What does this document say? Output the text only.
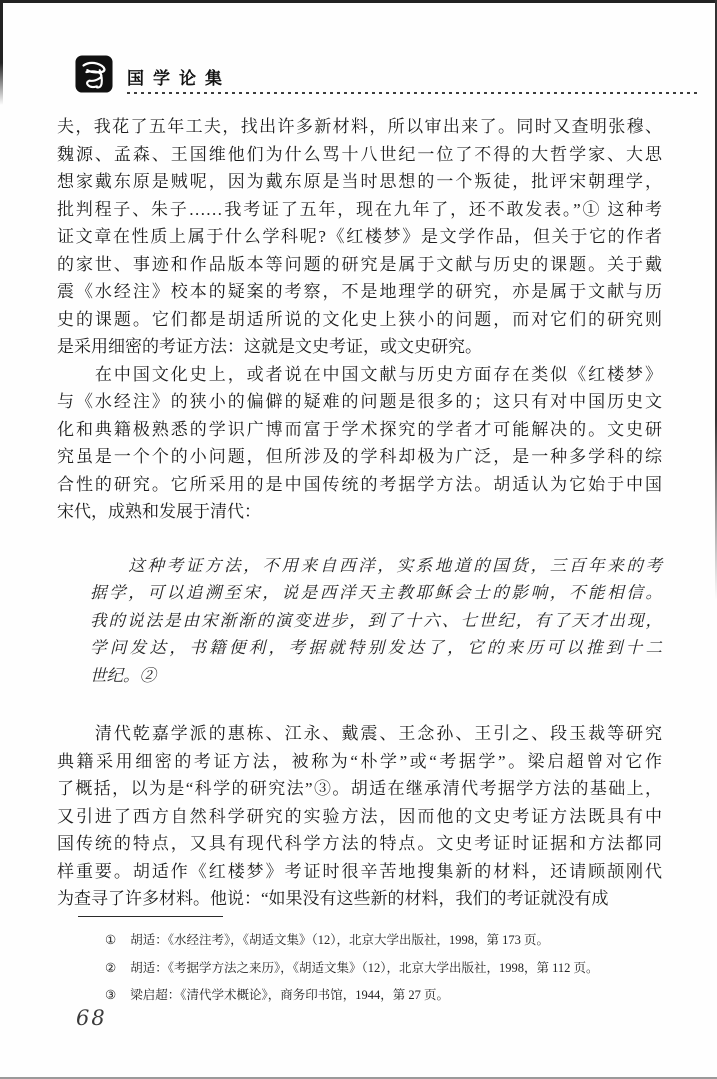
国学论集
夫，我花了五年工夫，找出许多新材料，所以审出来了。同时又查明张穆、
魏源、孟森、王国维他们为什么骂十八世纪一位了不得的大哲学家、大思
想家戴东原是贼呢，因为戴东原是当时思想的一个叛徒，批评宋朝理学，
批判程子、朱子……我考证了五年，现在九年了，还不敢发表。”① 这种考
证文章在性质上属于什么学科呢?《红楼梦》是文学作品，但关于它的作者
的家世、事迹和作品版本等问题的研究是属于文献与历史的课题。关于戴
震《水经注》校本的疑案的考察，不是地理学的研究，亦是属于文献与历
史的课题。它们都是胡适所说的文化史上狭小的问题，而对它们的研究则
是采用细密的考证方法：这就是文史考证，或文史研究。
　　在中国文化史上，或者说在中国文献与历史方面存在类似《红楼梦》
与《水经注》的狭小的偏僻的疑难的问题是很多的；这只有对中国历史文
化和典籍极熟悉的学识广博而富于学术探究的学者才可能解决的。文史研
究虽是一个个的小问题，但所涉及的学科却极为广泛，是一种多学科的综
合性的研究。它所采用的是中国传统的考据学方法。胡适认为它始于中国
宋代，成熟和发展于清代：
　　这种考证方法，不用来自西洋，实系地道的国货，三百年来的考
据学，可以追溯至宋，说是西洋天主教耶稣会士的影响，不能相信。
我的说法是由宋渐渐的演变进步，到了十六、七世纪，有了天才出现，
学问发达，书籍便利，考据就特别发达了，它的来历可以推到十二
世纪。②
　　清代乾嘉学派的惠栋、江永、戴震、王念孙、王引之、段玉裁等研究
典籍采用细密的考证方法，被称为“朴学”或“考据学”。梁启超曾对它作
了概括，以为是“科学的研究法”③。胡适在继承清代考据学方法的基础上，
又引进了西方自然科学研究的实验方法，因而他的文史考证方法既具有中
国传统的特点，又具有现代科学方法的特点。文史考证时证据和方法都同
样重要。胡适作《红楼梦》考证时很辛苦地搜集新的材料，还请顾颉刚代
为查寻了许多材料。他说：“如果没有这些新的材料，我们的考证就没有成
① 胡适：《水经注考》，《胡适文集》（12），北京大学出版社，1998，第 173 页。
② 胡适：《考据学方法之来历》，《胡适文集》（12），北京大学出版社，1998，第 112 页。
③ 梁启超：《清代学术概论》，商务印书馆，1944，第 27 页。
68
